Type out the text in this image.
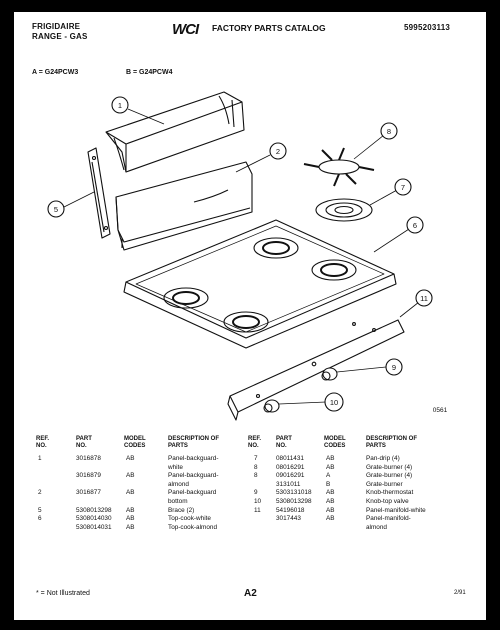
FRIGIDAIRE
RANGE - GAS	WCI FACTORY PARTS CATALOG	5995203113
A = G24PCW3	B = G24PCW4
1
2
5
6
7
8
9
10
11
0561
REF. NO.
PART NO.
MODEL CODES
DESCRIPTION OF PARTS
REF. NO.
PART NO.
MODEL CODES
DESCRIPTION OF PARTS
1	3016878	AB	Panel-backguard-
white
3016879	AB	Panel-backguard-
almond
2	3016877	AB	Panel-backguard
bottom
5	5308013298 AB	Brace (2)
6	5308014030 AB	Top-cook-white
5308014031 AB	Top-cook-almond
7	08011431	AB	Pan-drip (4)
8	08016291	AB	Grate-burner (4)
8	09016291	A	Grate-burner (4)
3131011	B	Grate-burner
9	5303131018 AB	Knob-thermostat
10 5308013298 AB	Knob-top valve
11 54196018	AB	Panel-manifold-white
3017443	AB	Panel-manifold-
almond
* = Not Illustrated	A2	2/91
